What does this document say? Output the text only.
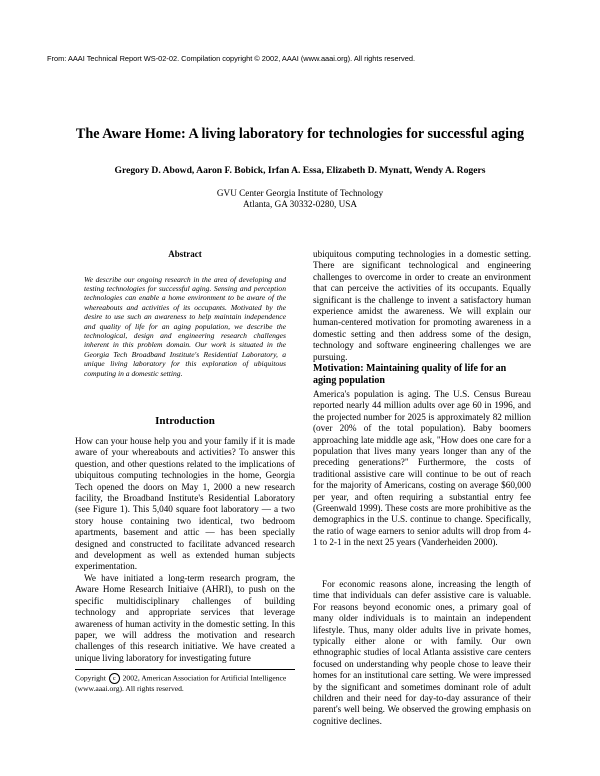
From: AAAI Technical Report WS-02-02. Compilation copyright © 2002, AAAI (www.aaai.org). All rights reserved.
The Aware Home: A living laboratory for technologies for successful aging
Gregory D. Abowd, Aaron F. Bobick, Irfan A. Essa, Elizabeth D. Mynatt, Wendy A. Rogers
GVU Center Georgia Institute of Technology
Atlanta, GA 30332-0280, USA
Abstract

We describe our ongoing research in the area of developing and testing technologies for successful aging. Sensing and perception technologies can enable a home environment to be aware of the whereabouts and activities of its occupants. Motivated by the desire to use such an awareness to help maintain independence and quality of life for an aging population, we describe the technological, design and engineering research challenges inherent in this problem domain. Our work is situated in the Georgia Tech Broadband Institute's Residential Laboratory, a unique living laboratory for this exploration of ubiquitous computing in a domestic setting.

Introduction

How can your house help you and your family if it is made aware of your whereabouts and activities? To answer this question, and other questions related to the implications of ubiquitous computing technologies in the home, Georgia Tech opened the doors on May 1, 2000 a new research facility, the Broadband Institute's Residential Laboratory (see Figure 1). This 5,040 square foot laboratory — a two story house containing two identical, two bedroom apartments, basement and attic — has been specially designed and constructed to facilitate advanced research and development as well as extended human subjects experimentation.

We have initiated a long-term research program, the Aware Home Research Initiaive (AHRI), to push on the specific multidisciplinary challenges of building technology and appropriate services that leverage awareness of human activity in the domestic setting. In this paper, we will address the motivation and research challenges of this research initiative. We have created a unique living laboratory for investigating future

Copyright c 2002, American Association for Artificial Intelligence (www.aaai.org). All rights reserved.

ubiquitous computing technologies in a domestic setting. There are significant technological and engineering challenges to overcome in order to create an environment that can perceive the activities of its occupants. Equally significant is the challenge to invent a satisfactory human experience amidst the awareness. We will explain our human-centered motivation for promoting awareness in a domestic setting and then address some of the design, technology and software engineering challenges we are pursuing.

Motivation: Maintaining quality of life for an aging population

America's population is aging. The U.S. Census Bureau reported nearly 44 million adults over age 60 in 1996, and the projected number for 2025 is approximately 82 million (over 20% of the total population). Baby boomers approaching late middle age ask, "How does one care for a population that lives many years longer than any of the preceding generations?" Furthermore, the costs of traditional assistive care will continue to be out of reach for the majority of Americans, costing on average $60,000 per year, and often requiring a substantial entry fee (Greenwald 1999). These costs are more prohibitive as the demographics in the U.S. continue to change. Specifically, the ratio of wage earners to senior adults will drop from 4-1 to 2-1 in the next 25 years (Vanderheiden 2000).

For economic reasons alone, increasing the length of time that individuals can defer assistive care is valuable. For reasons beyond economic ones, a primary goal of many older individuals is to maintain an independent lifestyle. Thus, many older adults live in private homes, typically either alone or with family. Our own ethnographic studies of local Atlanta assistive care centers focused on understanding why people chose to leave their homes for an institutional care setting. We were impressed by the significant and sometimes dominant role of adult children and their need for day-to-day assurance of their parent's well being. We observed the growing emphasis on cognitive declines.
